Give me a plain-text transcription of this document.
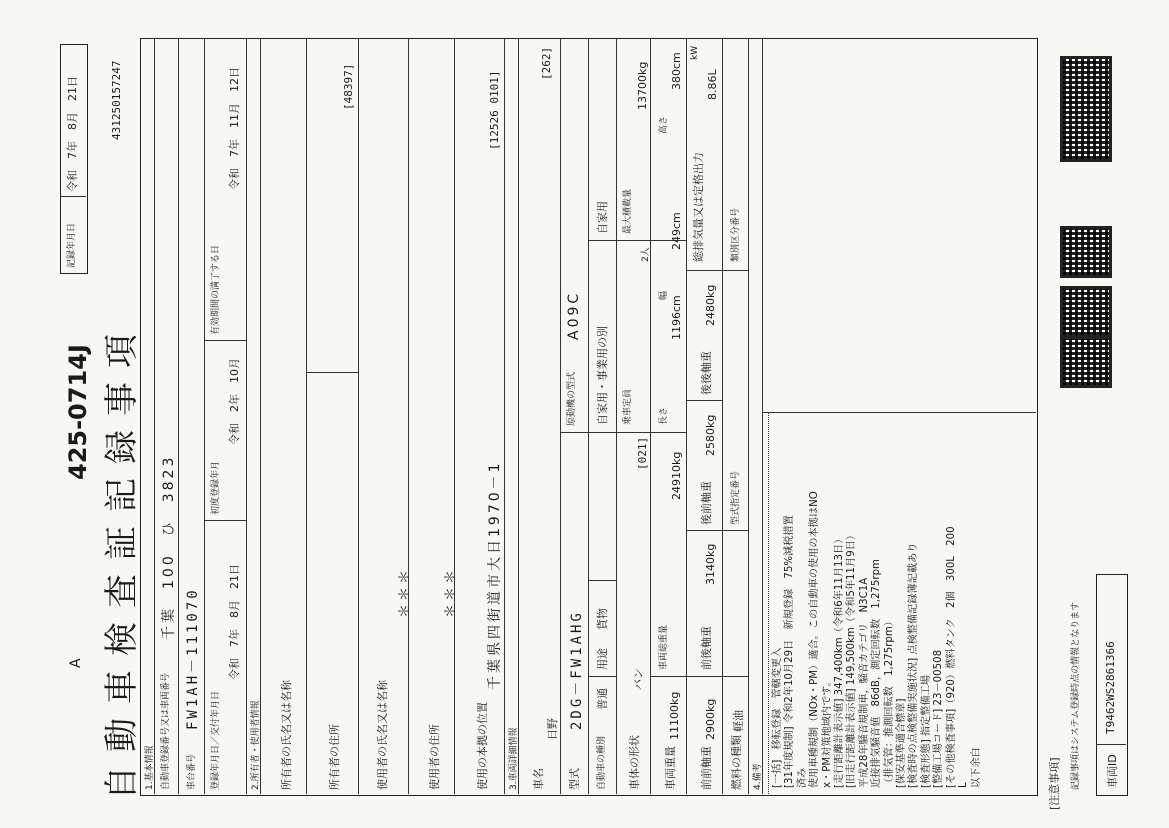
自動車検査証記録事項
A
425-0714J
記録年月日
令和　7年　8月　21日	431250157247
1.基本情報 自動車登録番号又は車両番号
千葉　100　ひ　3823
車台番号
FW1AH－111070
登録年月日／交付年月日
令和　7年　8月　21日
初度登録年月
令和　2年　10月
有効期間の満了する日
令和　7年　11月　12日
2.所有者・使用者情報 所有者の氏名又は名称	所有者の住所
[48397]
使用者の氏名又は名称
＊＊＊
使用者の住所
＊＊＊
使用の本拠の位置
千葉県四街道市大日1970－1
[12526 0101]
3.車両詳細情報 車名
日野
[262]
型式
2DG－FW1AHG
原動機の型式
A09C
自動車の種別
普通
用途
貨物
自家用・事業用の別
自家用
車体の形状
バン
[021]
乗車定員
2人
最大積載量
13700kg
車両重量
11100kg
車両総重量
24910kg
長さ
1196cm
幅
249cm
高さ
380cm
前前軸重
2900kg
前後軸重
3140kg
後前軸重
2580kg
後後軸重
2480kg
総排気量又は定格出力
8.86L
kW
燃料の種類
軽油
型式指定番号
類別区分番号
4.備考 [一括]　移転登録　管轄変更入 [31年度規制] 令和2年10月29日　新規登録　75%減税措置 済み 使用車種規制（NOx・PM）適合。この自動車の使用の本拠はNO x・PM対策地域内です。 [走行距離計表示値] 347,400km（令和6年11月13日） [旧走行距離計表示値] 149,500km（令和5年11月9日） 平成28年騒音規制車，騒音カテゴリ　N3C1A 近接排気騒音値　86dB，測定回転数　1,275rpm （排気管：推測回転数　1,275rpm） [保安基準適合標章] [検査時の点検整備実施状況] 点検整備記録簿記載あり [検査形態] 指定整備工場 [整備工場コード] 23－00508 [その他検査事項]（920）燃料タンク　2個　300L　200 L 以下余白	[注意事項]	記録事項はシステム登録時点の情報となります 車両ID
T9462WS2861366
